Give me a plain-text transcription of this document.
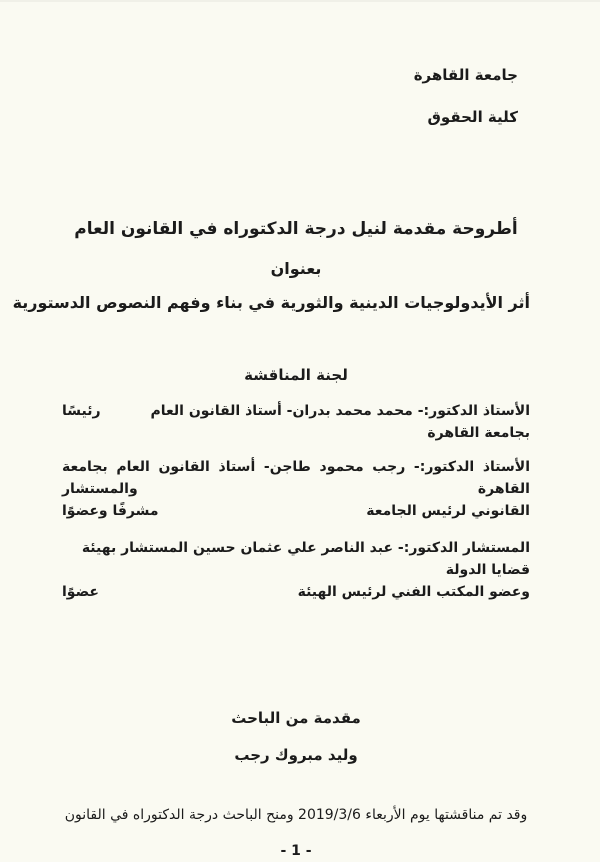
جامعة القاهرة
كلية الحقوق
أطروحة مقدمة لنيل درجة الدكتوراه في القانون العام
بعنوان
أثر الأيدولوجيات الدينية والثورية في بناء وفهم النصوص الدستورية
لجنة المناقشة
الأستاذ الدكتور:- محمد محمد بدران- أستاذ القانون العام بجامعة القاهرة
رئيسًا
الأستاذ الدكتور:- رجب محمود طاجن- أستاذ القانون العام بجامعة القاهرة والمستشار
القانوني لرئيس الجامعة
مشرفًا وعضوًا
المستشار الدكتور:- عبد الناصر علي عثمان حسين المستشار بهيئة قضايا الدولة
وعضو المكتب الفني لرئيس الهيئة
عضوًا
مقدمة من الباحث
وليد مبروك رجب
وقد تم مناقشتها يوم الأربعاء 2019/3/6 ومنح الباحث درجة الدكتوراه في القانون
- 1 -
